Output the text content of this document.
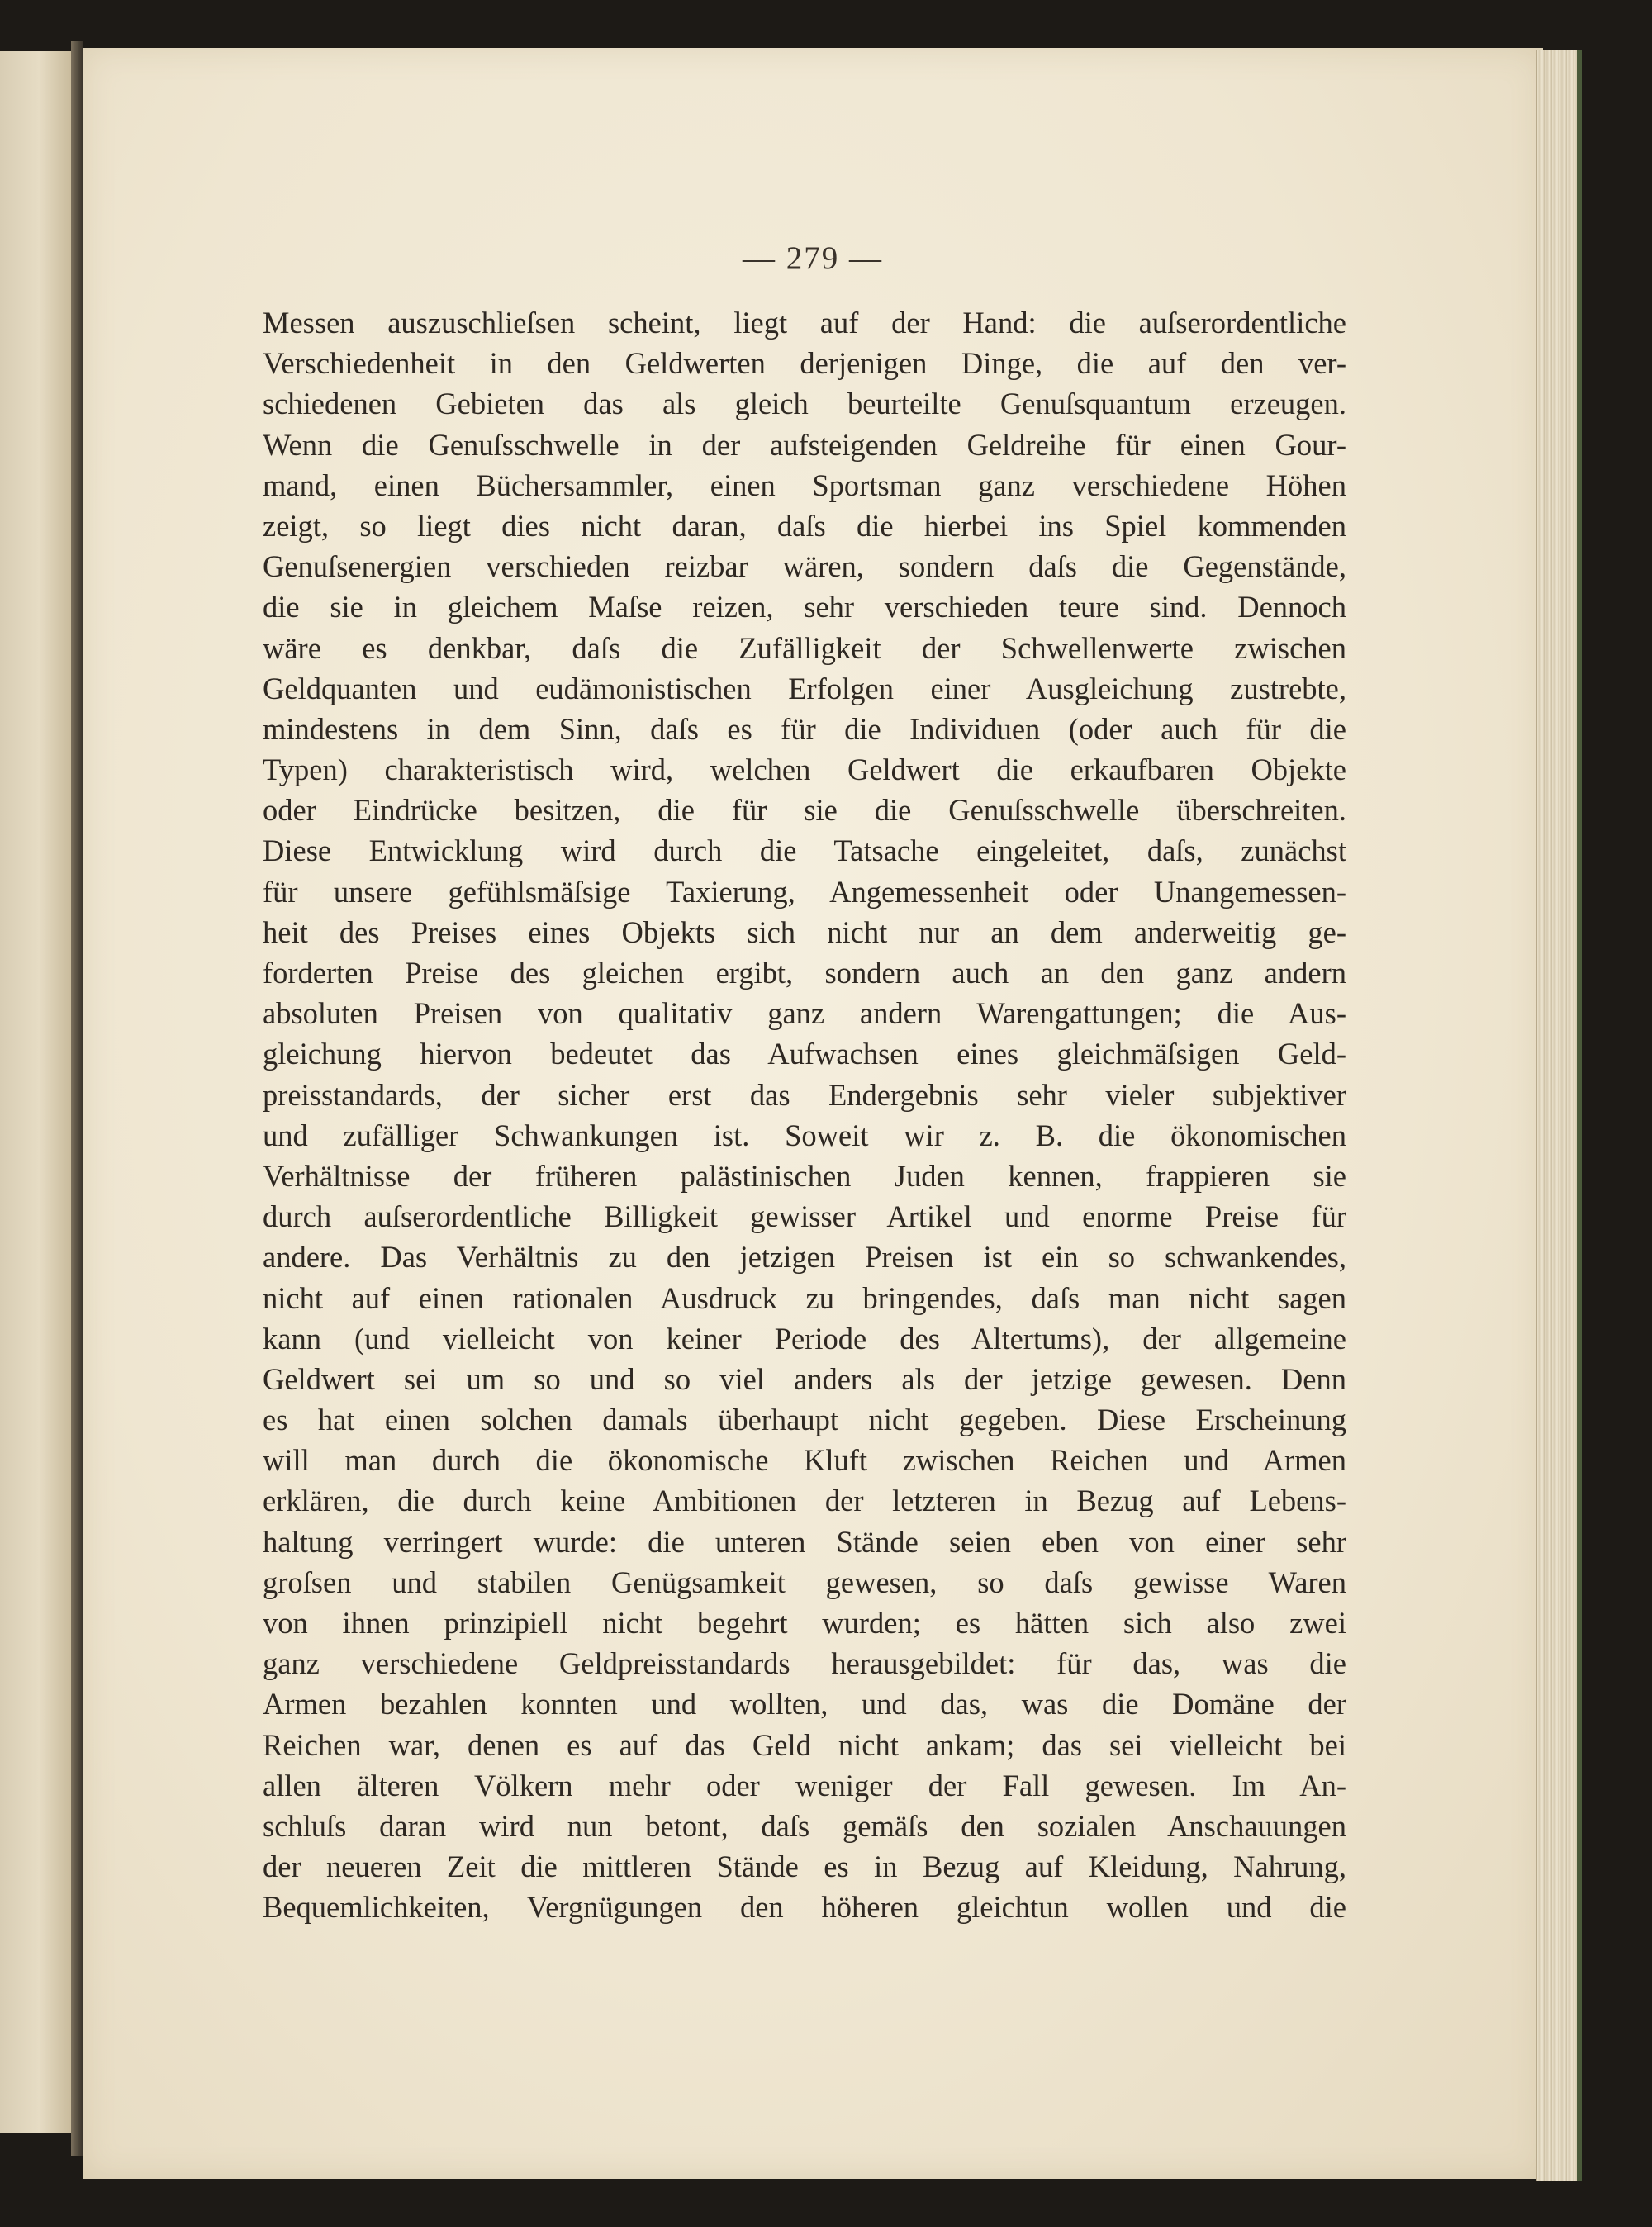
— 279 —
Messen auszuschlieſsen scheint, liegt auf der Hand: die auſserordentliche
Verschiedenheit in den Geldwerten derjenigen Dinge, die auf den ver-
schiedenen Gebieten das als gleich beurteilte Genuſsquantum erzeugen.
Wenn die Genuſsschwelle in der aufsteigenden Geldreihe für einen Gour-
mand, einen Büchersammler, einen Sportsman ganz verschiedene Höhen
zeigt, so liegt dies nicht daran, daſs die hierbei ins Spiel kommenden
Genuſsenergien verschieden reizbar wären, sondern daſs die Gegenstände,
die sie in gleichem Maſse reizen, sehr verschieden teure sind. Dennoch
wäre es denkbar, daſs die Zufälligkeit der Schwellenwerte zwischen
Geldquanten und eudämonistischen Erfolgen einer Ausgleichung zustrebte,
mindestens in dem Sinn, daſs es für die Individuen (oder auch für die
Typen) charakteristisch wird, welchen Geldwert die erkaufbaren Objekte
oder Eindrücke besitzen, die für sie die Genuſsschwelle überschreiten.
Diese Entwicklung wird durch die Tatsache eingeleitet, daſs, zunächst
für unsere gefühlsmäſsige Taxierung, Angemessenheit oder Unangemessen-
heit des Preises eines Objekts sich nicht nur an dem anderweitig ge-
forderten Preise des gleichen ergibt, sondern auch an den ganz andern
absoluten Preisen von qualitativ ganz andern Warengattungen; die Aus-
gleichung hiervon bedeutet das Aufwachsen eines gleichmäſsigen Geld-
preisstandards, der sicher erst das Endergebnis sehr vieler subjektiver
und zufälliger Schwankungen ist. Soweit wir z. B. die ökonomischen
Verhältnisse der früheren palästinischen Juden kennen, frappieren sie
durch auſserordentliche Billigkeit gewisser Artikel und enorme Preise für
andere. Das Verhältnis zu den jetzigen Preisen ist ein so schwankendes,
nicht auf einen rationalen Ausdruck zu bringendes, daſs man nicht sagen
kann (und vielleicht von keiner Periode des Altertums), der allgemeine
Geldwert sei um so und so viel anders als der jetzige gewesen. Denn
es hat einen solchen damals überhaupt nicht gegeben. Diese Erscheinung
will man durch die ökonomische Kluft zwischen Reichen und Armen
erklären, die durch keine Ambitionen der letzteren in Bezug auf Lebens-
haltung verringert wurde: die unteren Stände seien eben von einer sehr
groſsen und stabilen Genügsamkeit gewesen, so daſs gewisse Waren
von ihnen prinzipiell nicht begehrt wurden; es hätten sich also zwei
ganz verschiedene Geldpreisstandards herausgebildet: für das, was die
Armen bezahlen konnten und wollten, und das, was die Domäne der
Reichen war, denen es auf das Geld nicht ankam; das sei vielleicht bei
allen älteren Völkern mehr oder weniger der Fall gewesen. Im An-
schluſs daran wird nun betont, daſs gemäſs den sozialen Anschauungen
der neueren Zeit die mittleren Stände es in Bezug auf Kleidung, Nahrung,
Bequemlichkeiten, Vergnügungen den höheren gleichtun wollen und die
